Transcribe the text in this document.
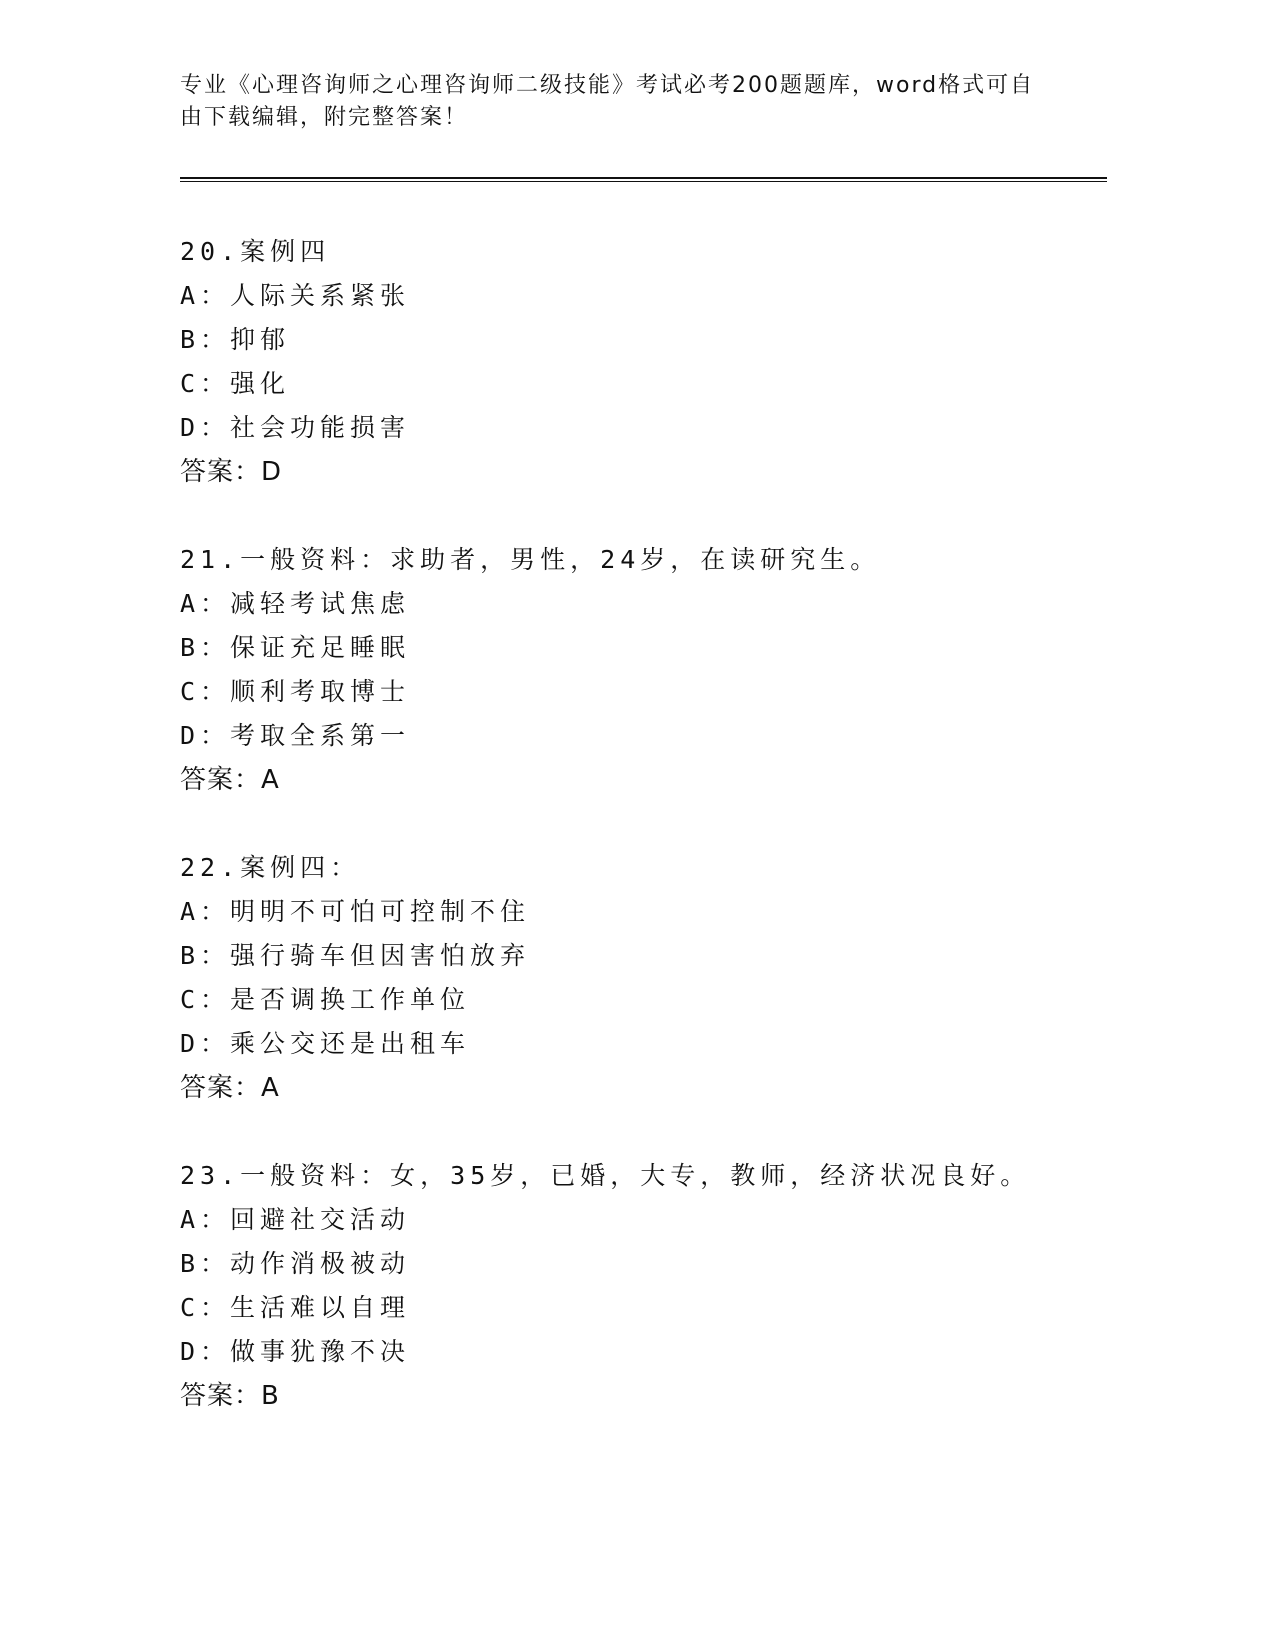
专业《心理咨询师之心理咨询师二级技能》考试必考200题题库，word格式可自
由下载编辑，附完整答案！
20.案例四
A：人际关系紧张
B：抑郁
C：强化
D：社会功能损害
答案：D
21.一般资料：求助者，男性，24岁，在读研究生。
A：减轻考试焦虑
B：保证充足睡眠
C：顺利考取博士
D：考取全系第一
答案：A
22.案例四：
A：明明不可怕可控制不住
B：强行骑车但因害怕放弃
C：是否调换工作单位
D：乘公交还是出租车
答案：A
23.一般资料：女，35岁，已婚，大专，教师，经济状况良好。
A：回避社交活动
B：动作消极被动
C：生活难以自理
D：做事犹豫不决
答案：B
